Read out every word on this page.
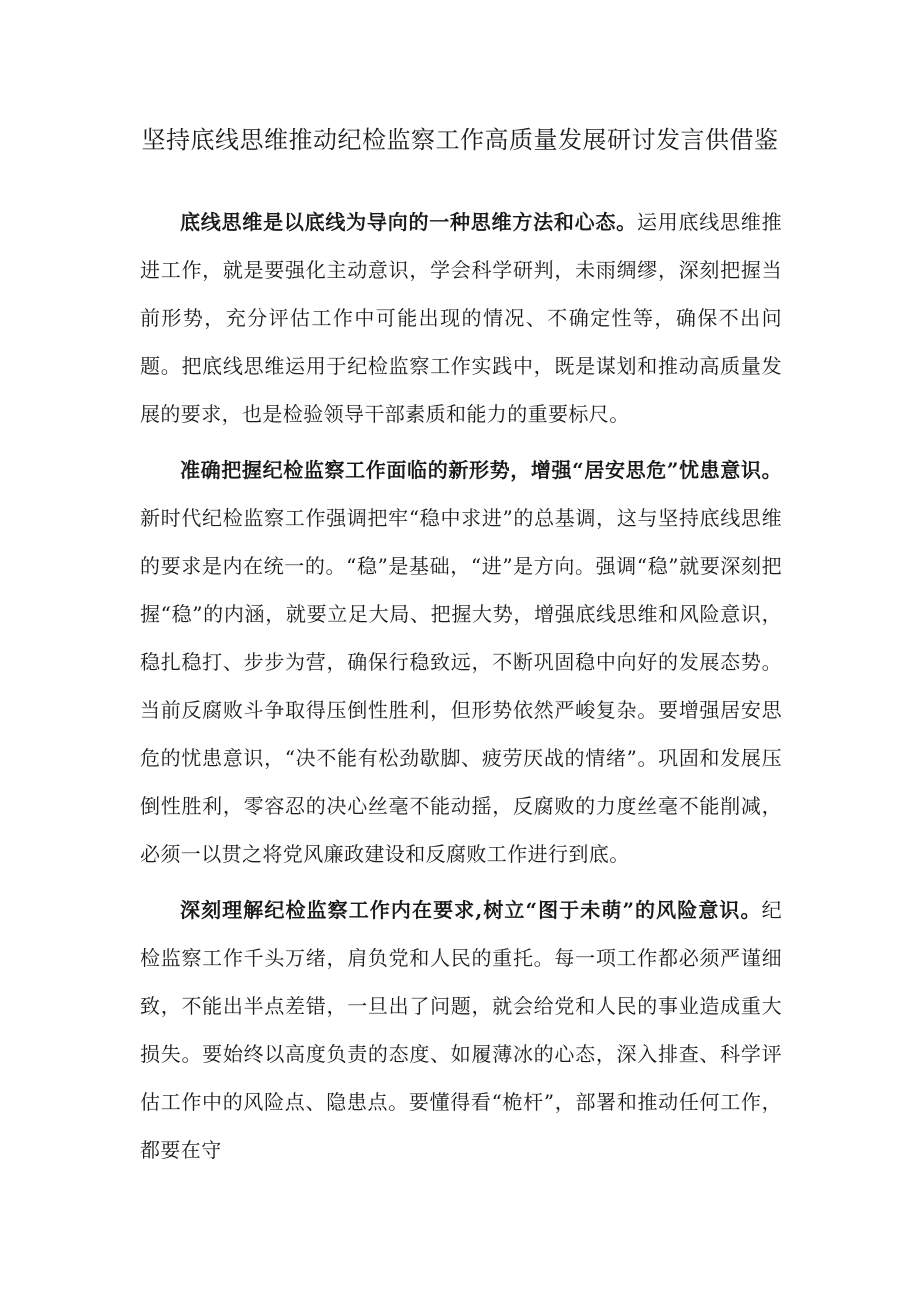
坚持底线思维推动纪检监察工作高质量发展研讨发言供借鉴

底线思维是以底线为导向的一种思维方法和心态。运用底线思维推进工作，就是要强化主动意识，学会科学研判，未雨绸缪，深刻把握当前形势，充分评估工作中可能出现的情况、不确定性等，确保不出问题。把底线思维运用于纪检监察工作实践中，既是谋划和推动高质量发展的要求，也是检验领导干部素质和能力的重要标尺。

准确把握纪检监察工作面临的新形势，增强“居安思危”忧患意识。新时代纪检监察工作强调把牢“稳中求进”的总基调，这与坚持底线思维的要求是内在统一的。“稳”是基础，“进”是方向。强调“稳”就要深刻把握“稳”的内涵，就要立足大局、把握大势，增强底线思维和风险意识，稳扎稳打、步步为营，确保行稳致远，不断巩固稳中向好的发展态势。当前反腐败斗争取得压倒性胜利，但形势依然严峻复杂。要增强居安思危的忧患意识，“决不能有松劲歇脚、疲劳厌战的情绪”。巩固和发展压倒性胜利，零容忍的决心丝毫不能动摇，反腐败的力度丝毫不能削减，必须一以贯之将党风廉政建设和反腐败工作进行到底。

深刻理解纪检监察工作内在要求,树立“图于未萌”的风险意识。纪检监察工作千头万绪，肩负党和人民的重托。每一项工作都必须严谨细致，不能出半点差错，一旦出了问题，就会给党和人民的事业造成重大损失。要始终以高度负责的态度、如履薄冰的心态，深入排查、科学评估工作中的风险点、隐患点。要懂得看“桅杆”，部署和推动任何工作，都要在守
